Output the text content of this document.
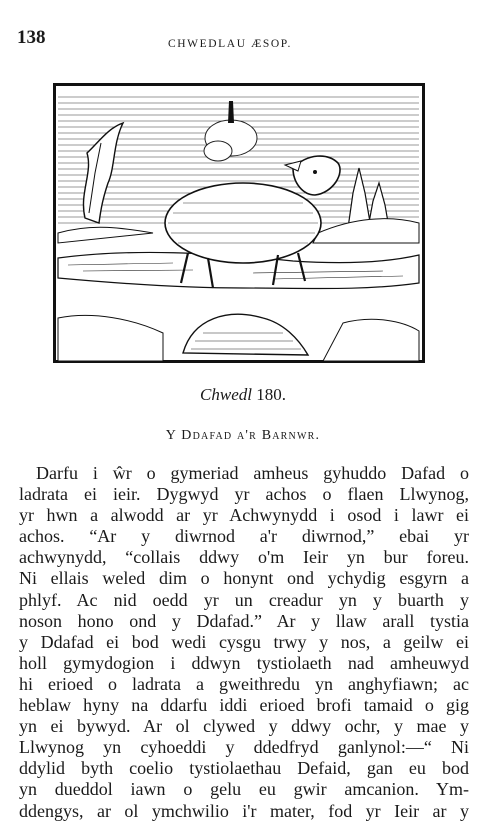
138	CHWEDLAU ÆSOP.
Chwedl 180.
Y Ddafad a'r Barnwr.
Darfu i ŵr o gymeriad amheus gyhuddo Dafad o
ladrata ei ieir. Dygwyd yr achos o flaen Llwynog,
yr hwn a alwodd ar yr Achwynydd i osod i lawr ei
achos. “Ar y diwrnod a'r diwrnod,” ebai yr
achwynydd, “collais ddwy o'm Ieir yn bur foreu.
Ni ellais weled dim o honynt ond ychydig esgyrn a
phlyf. Ac nid oedd yr un creadur yn y buarth y
noson hono ond y Ddafad.” Ar y llaw arall tystia
y Ddafad ei bod wedi cysgu trwy y nos, a geilw ei
holl gymydogion i ddwyn tystiolaeth nad amheuwyd
hi erioed o ladrata a gweithredu yn anghyfiawn; ac
heblaw hyny na ddarfu iddi erioed brofi tamaid o gig
yn ei bywyd. Ar ol clywed y ddwy ochr, y mae y
Llwynog yn cyhoeddi y ddedfryd ganlynol:—“ Ni
ddylid byth coelio tystiolaethau Defaid, gan eu bod
yn dueddol iawn o gelu eu gwir amcanion. Ym-
ddengys, ar ol ymchwilio i'r mater, fod yr Ieir ar y
